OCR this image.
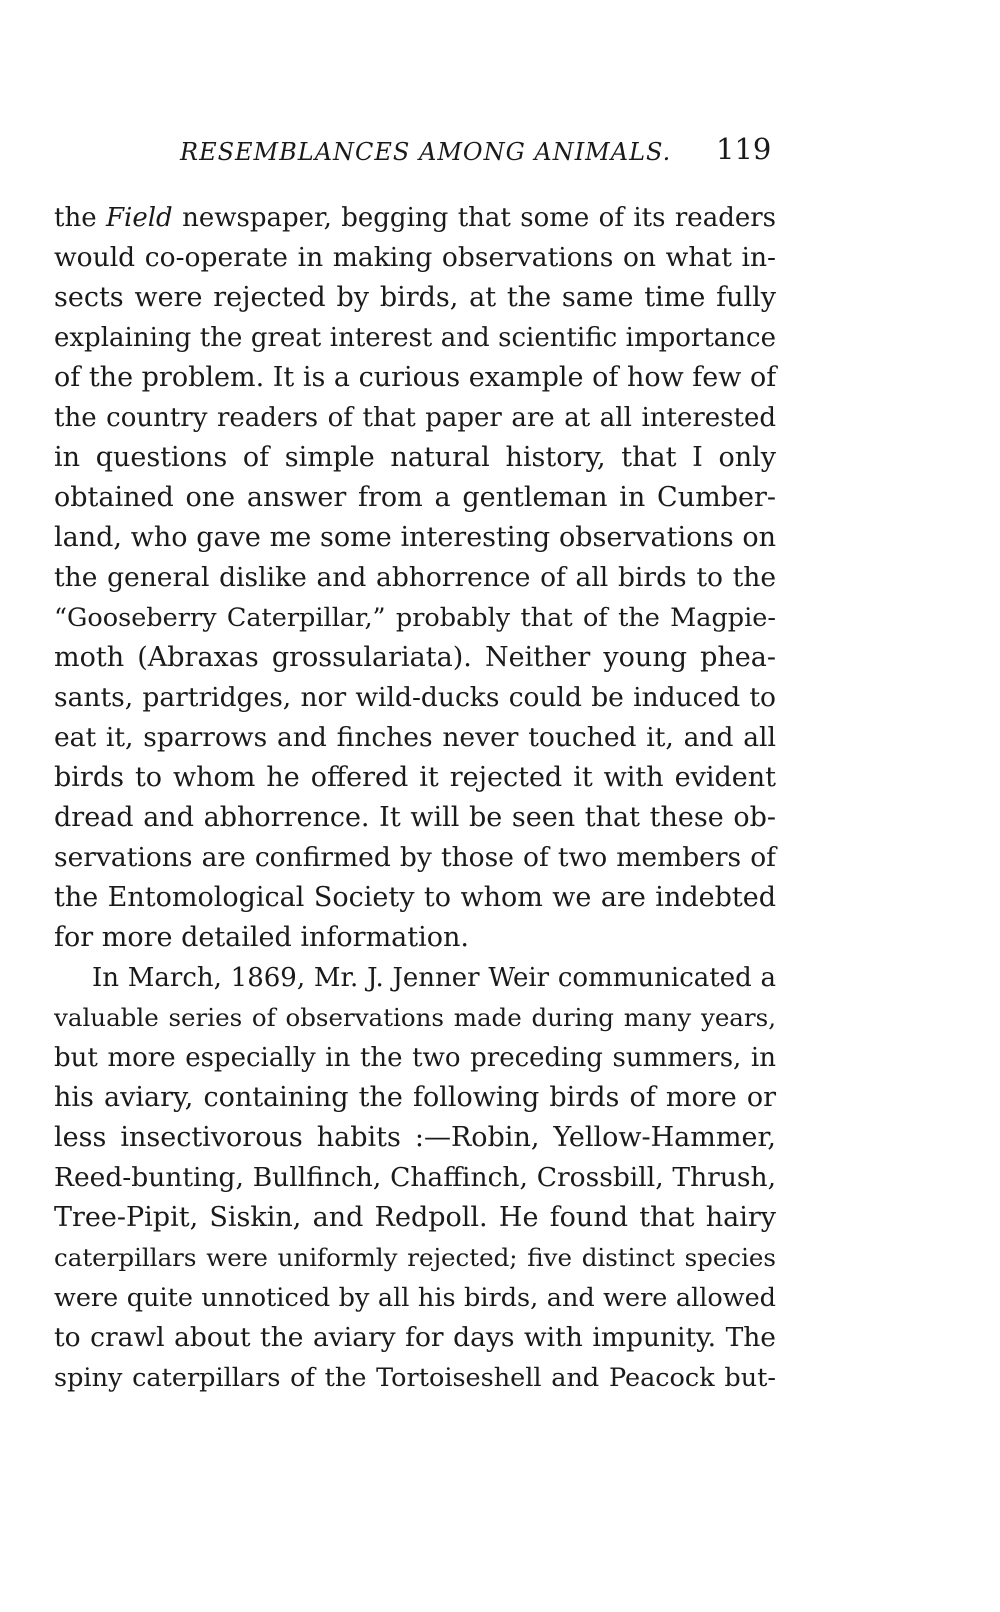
RESEMBLANCES AMONG ANIMALS. 119
the Field newspaper, begging that some of its readers
would co-operate in making observations on what in-
sects were rejected by birds, at the same time fully
explaining the great interest and scientific importance
of the problem. It is a curious example of how few of
the country readers of that paper are at all interested
in questions of simple natural history, that I only
obtained one answer from a gentleman in Cumber-
land, who gave me some interesting observations on
the general dislike and abhorrence of all birds to the
“Gooseberry Caterpillar,” probably that of the Magpie-
moth (Abraxas grossulariata). Neither young phea-
sants, partridges, nor wild-ducks could be induced to
eat it, sparrows and finches never touched it, and all
birds to whom he offered it rejected it with evident
dread and abhorrence. It will be seen that these ob-
servations are confirmed by those of two members of
the Entomological Society to whom we are indebted
for more detailed information.
In March, 1869, Mr. J. Jenner Weir communicated a
valuable series of observations made during many years,
but more especially in the two preceding summers, in
his aviary, containing the following birds of more or
less insectivorous habits :—Robin, Yellow-Hammer,
Reed-bunting, Bullfinch, Chaffinch, Crossbill, Thrush,
Tree-Pipit, Siskin, and Redpoll. He found that hairy
caterpillars were uniformly rejected; five distinct species
were quite unnoticed by all his birds, and were allowed
to crawl about the aviary for days with impunity. The
spiny caterpillars of the Tortoiseshell and Peacock but-
